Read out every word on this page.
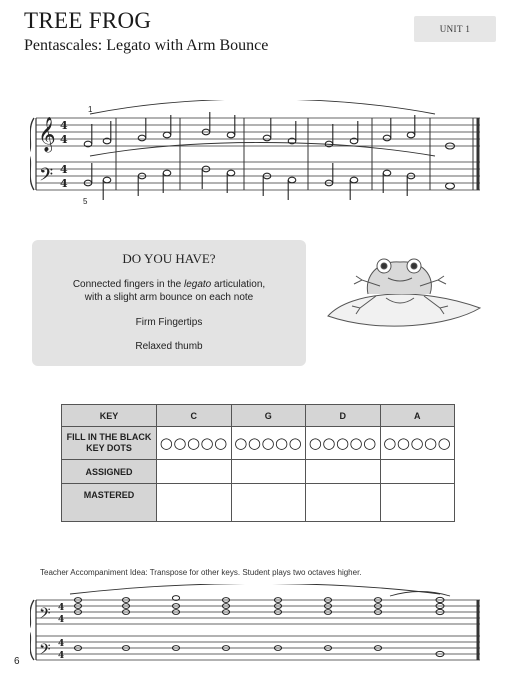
TREE FROG
Pentascales: Legato with Arm Bounce
UNIT 1
𝄞
𝄢
4
4
4
4
1
5
DO YOU HAVE?
Connected fingers in the legato articulation,
with a slight arm bounce on each note
Firm Fingertips
Relaxed thumb
KEY	C	G	D	A

FILL IN THE BLACK
KEY DOTS	○○○○○	○○○○○	○○○○○	○○○○○
ASSIGNED				
MASTERED				
Teacher Accompaniment Idea: Transpose for other keys. Student plays two octaves higher.
𝄢
𝄢
4
4
4
4
6
